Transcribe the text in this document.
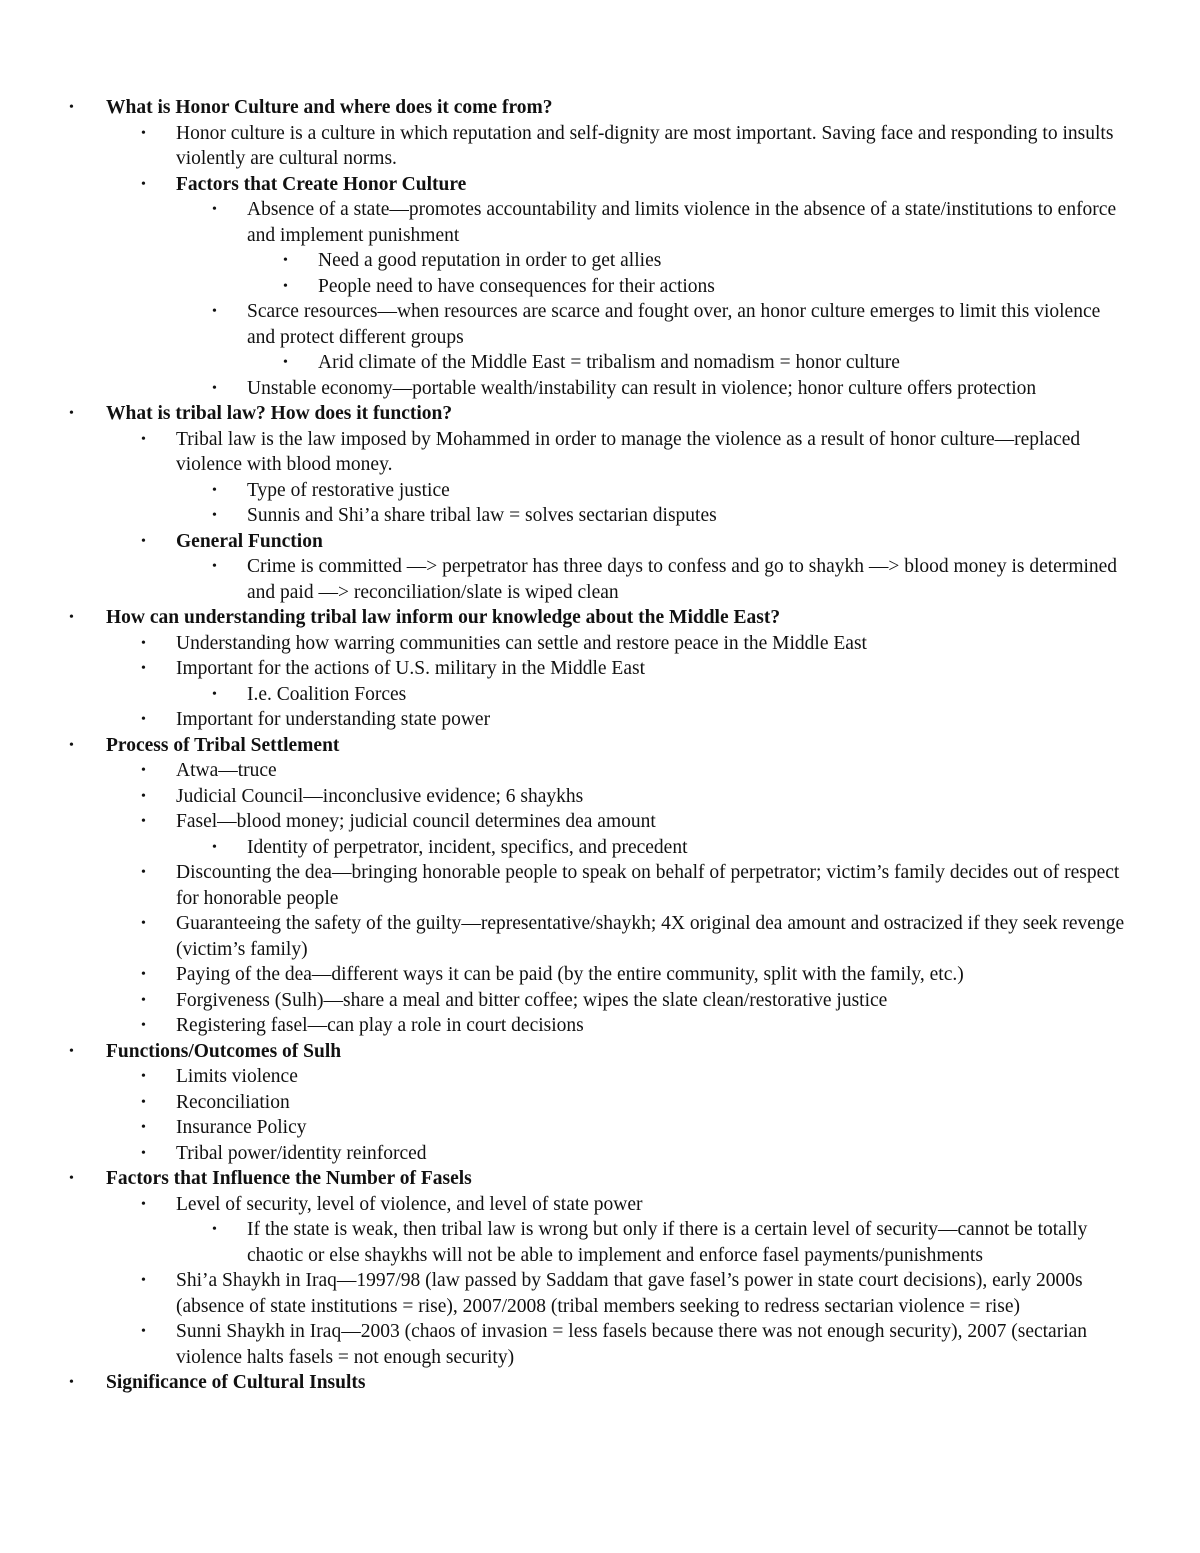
• What is Honor Culture and where does it come from?
• Honor culture is a culture in which reputation and self-dignity are most important. Saving face and responding to insults violently are cultural norms.
• Factors that Create Honor Culture
• Absence of a state—promotes accountability and limits violence in the absence of a state/institutions to enforce and implement punishment
• Need a good reputation in order to get allies
• People need to have consequences for their actions
• Scarce resources—when resources are scarce and fought over, an honor culture emerges to limit this violence and protect different groups
• Arid climate of the Middle East = tribalism and nomadism = honor culture
• Unstable economy—portable wealth/instability can result in violence; honor culture offers protection
• What is tribal law? How does it function?
• Tribal law is the law imposed by Mohammed in order to manage the violence as a result of honor culture—replaced violence with blood money.
• Type of restorative justice
• Sunnis and Shi’a share tribal law = solves sectarian disputes
• General Function
• Crime is committed —> perpetrator has three days to confess and go to shaykh —> blood money is determined and paid —> reconciliation/slate is wiped clean
• How can understanding tribal law inform our knowledge about the Middle East?
• Understanding how warring communities can settle and restore peace in the Middle East
• Important for the actions of U.S. military in the Middle East
• I.e. Coalition Forces
• Important for understanding state power
• Process of Tribal Settlement
• Atwa—truce
• Judicial Council—inconclusive evidence; 6 shaykhs
• Fasel—blood money; judicial council determines dea amount
• Identity of perpetrator, incident, specifics, and precedent
• Discounting the dea—bringing honorable people to speak on behalf of perpetrator; victim’s family decides out of respect for honorable people
• Guaranteeing the safety of the guilty—representative/shaykh; 4X original dea amount and ostracized if they seek revenge (victim’s family)
• Paying of the dea—different ways it can be paid (by the entire community, split with the family, etc.)
• Forgiveness (Sulh)—share a meal and bitter coffee; wipes the slate clean/restorative justice
• Registering fasel—can play a role in court decisions
• Functions/Outcomes of Sulh
• Limits violence
• Reconciliation
• Insurance Policy
• Tribal power/identity reinforced
• Factors that Influence the Number of Fasels
• Level of security, level of violence, and level of state power
• If the state is weak, then tribal law is wrong but only if there is a certain level of security—cannot be totally chaotic or else shaykhs will not be able to implement and enforce fasel payments/punishments
• Shi’a Shaykh in Iraq—1997/98 (law passed by Saddam that gave fasel’s power in state court decisions), early 2000s (absence of state institutions = rise), 2007/2008 (tribal members seeking to redress sectarian violence = rise)
• Sunni Shaykh in Iraq—2003 (chaos of invasion = less fasels because there was not enough security), 2007 (sectarian violence halts fasels = not enough security)
• Significance of Cultural Insults
